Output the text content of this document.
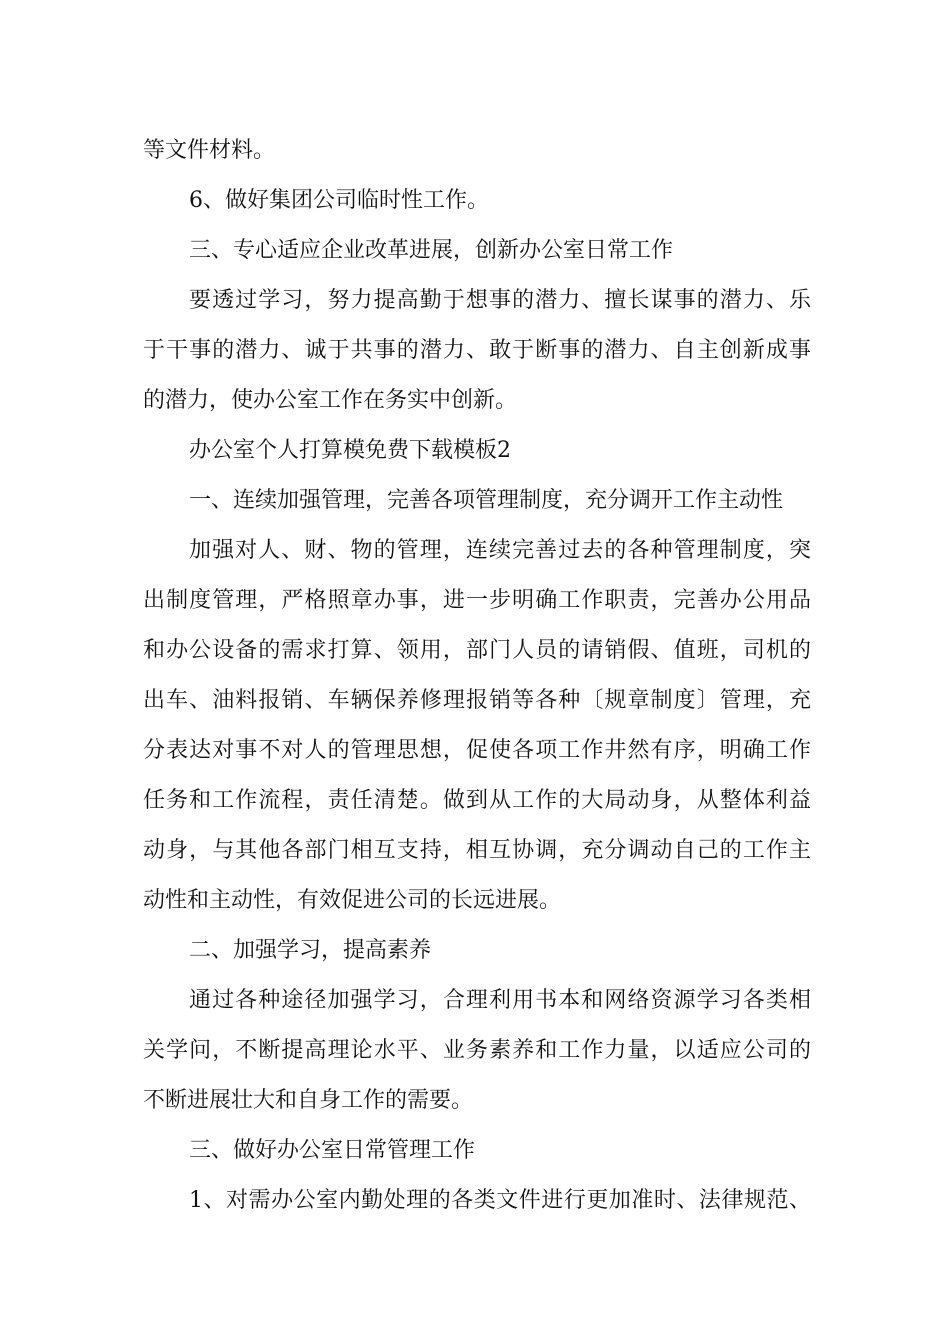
等文件材料。
6、做好集团公司临时性工作。
三、专心适应企业改革进展，创新办公室日常工作
要透过学习，努力提高勤于想事的潜力、擅长谋事的潜力、乐
于干事的潜力、诚于共事的潜力、敢于断事的潜力、自主创新成事
的潜力，使办公室工作在务实中创新。
办公室个人打算模免费下载模板2
一、连续加强管理，完善各项管理制度，充分调开工作主动性
加强对人、财、物的管理，连续完善过去的各种管理制度，突
出制度管理，严格照章办事，进一步明确工作职责，完善办公用品
和办公设备的需求打算、领用，部门人员的请销假、值班，司机的
出车、油料报销、车辆保养修理报销等各种〔规章制度〕管理，充
分表达对事不对人的管理思想，促使各项工作井然有序，明确工作
任务和工作流程，责任清楚。做到从工作的大局动身，从整体利益
动身，与其他各部门相互支持，相互协调，充分调动自己的工作主
动性和主动性，有效促进公司的长远进展。
二、加强学习，提高素养
通过各种途径加强学习，合理利用书本和网络资源学习各类相
关学问，不断提高理论水平、业务素养和工作力量，以适应公司的
不断进展壮大和自身工作的需要。
三、做好办公室日常管理工作
1、对需办公室内勤处理的各类文件进行更加准时、法律规范、
